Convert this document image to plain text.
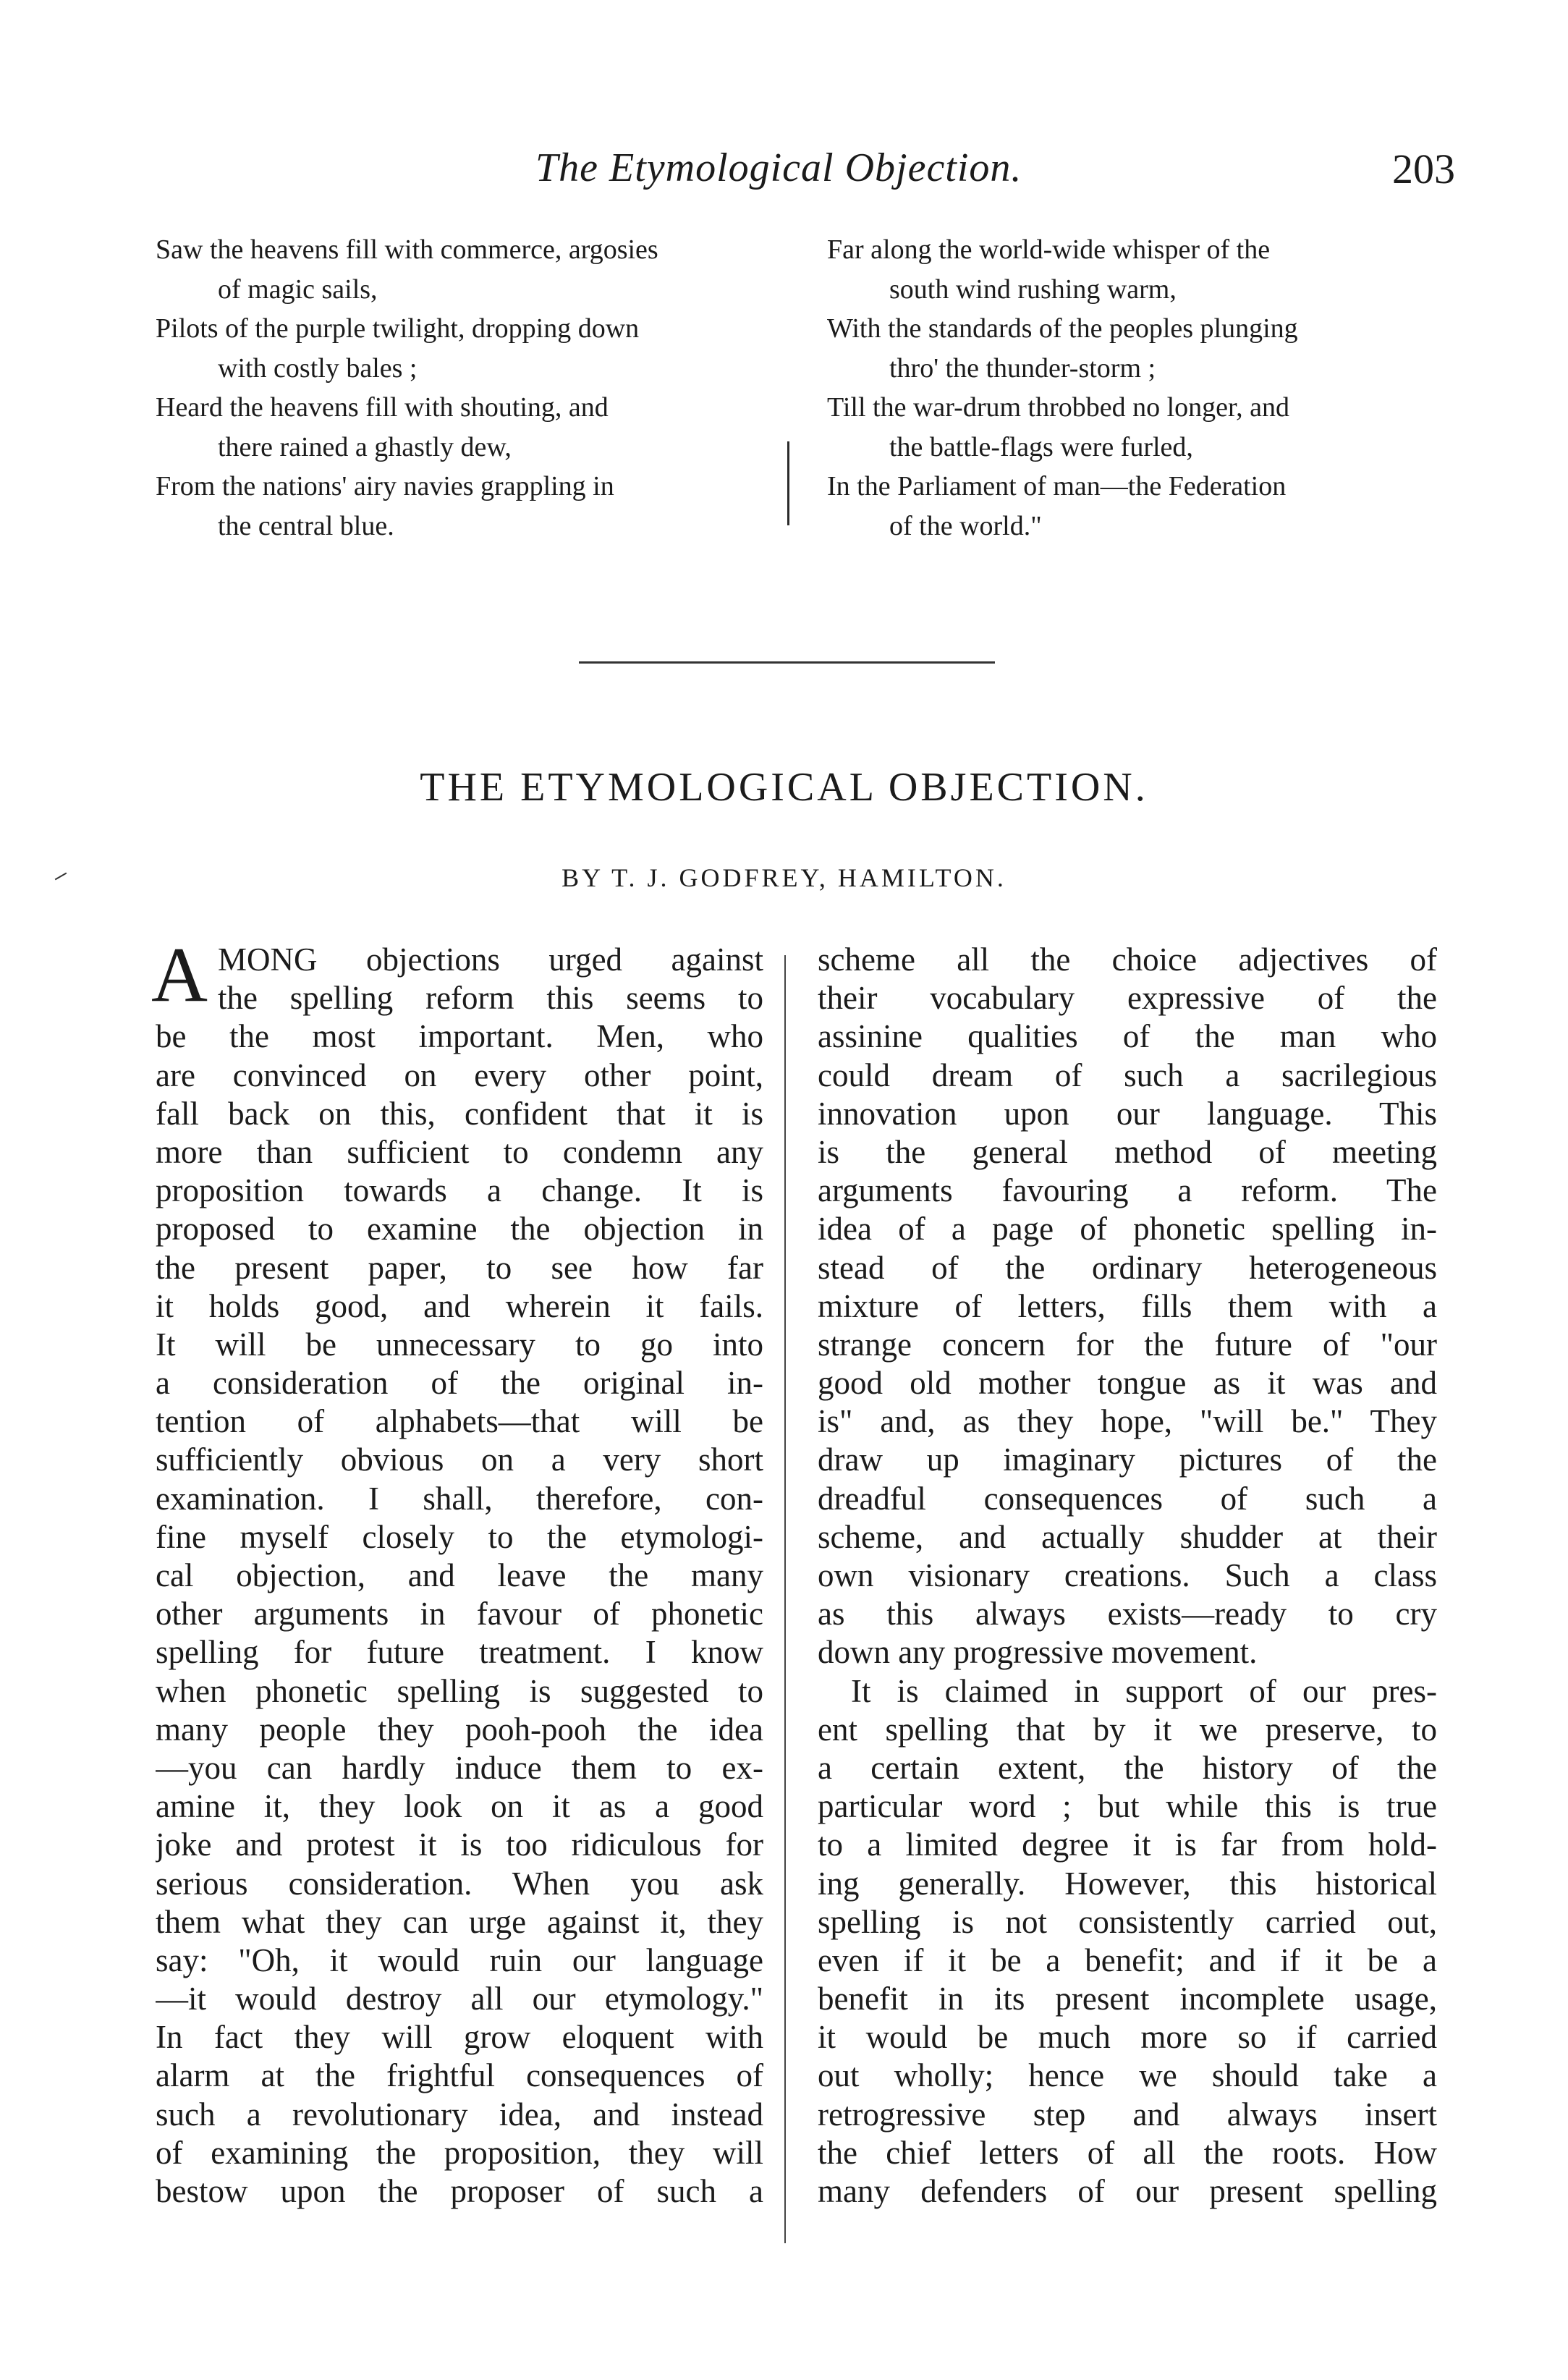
The Etymological Objection.	203
Saw the heavens fill with commerce, argosies
of magic sails,
Pilots of the purple twilight, dropping down
with costly bales ;
Heard the heavens fill with shouting, and
there rained a ghastly dew,
From the nations' airy navies grappling in
the central blue.
Far along the world-wide whisper of the
south wind rushing warm,
With the standards of the peoples plunging
thro' the thunder-storm ;
Till the war-drum throbbed no longer, and
the battle-flags were furled,
In the Parliament of man—the Federation
of the world."
THE ETYMOLOGICAL OBJECTION.
BY T. J. GODFREY, HAMILTON.
MONG objections urged against
the spelling reform this seems to
be the most important. Men, who
are convinced on every other point,
fall back on this, confident that it is
more than sufficient to condemn any
proposition towards a change. It is
proposed to examine the objection in
the present paper, to see how far
it holds good, and wherein it fails.
It will be unnecessary to go into
a consideration of the original in-
tention of alphabets—that will be
sufficiently obvious on a very short
examination. I shall, therefore, con-
fine myself closely to the etymologi-
cal objection, and leave the many
other arguments in favour of phonetic
spelling for future treatment. I know
when phonetic spelling is suggested to
many people they pooh-pooh the idea
—you can hardly induce them to ex-
amine it, they look on it as a good
joke and protest it is too ridiculous for
serious consideration. When you ask
them what they can urge against it, they
say: "Oh, it would ruin our language
—it would destroy all our etymology."
In fact they will grow eloquent with
alarm at the frightful consequences of
such a revolutionary idea, and instead
of examining the proposition, they will
bestow upon the proposer of such a
A	scheme all the choice adjectives of
their vocabulary expressive of the
assinine qualities of the man who
could dream of such a sacrilegious
innovation upon our language. This
is the general method of meeting
arguments favouring a reform. The
idea of a page of phonetic spelling in-
stead of the ordinary heterogeneous
mixture of letters, fills them with a
strange concern for the future of "our
good old mother tongue as it was and
is" and, as they hope, "will be." They
draw up imaginary pictures of the
dreadful consequences of such a
scheme, and actually shudder at their
own visionary creations. Such a class
as this always exists—ready to cry
down any progressive movement.
It is claimed in support of our pres-
ent spelling that by it we preserve, to
a certain extent, the history of the
particular word ; but while this is true
to a limited degree it is far from hold-
ing generally. However, this historical
spelling is not consistently carried out,
even if it be a benefit; and if it be a
benefit in its present incomplete usage,
it would be much more so if carried
out wholly; hence we should take a
retrogressive step and always insert
the chief letters of all the roots. How
many defenders of our present spelling
